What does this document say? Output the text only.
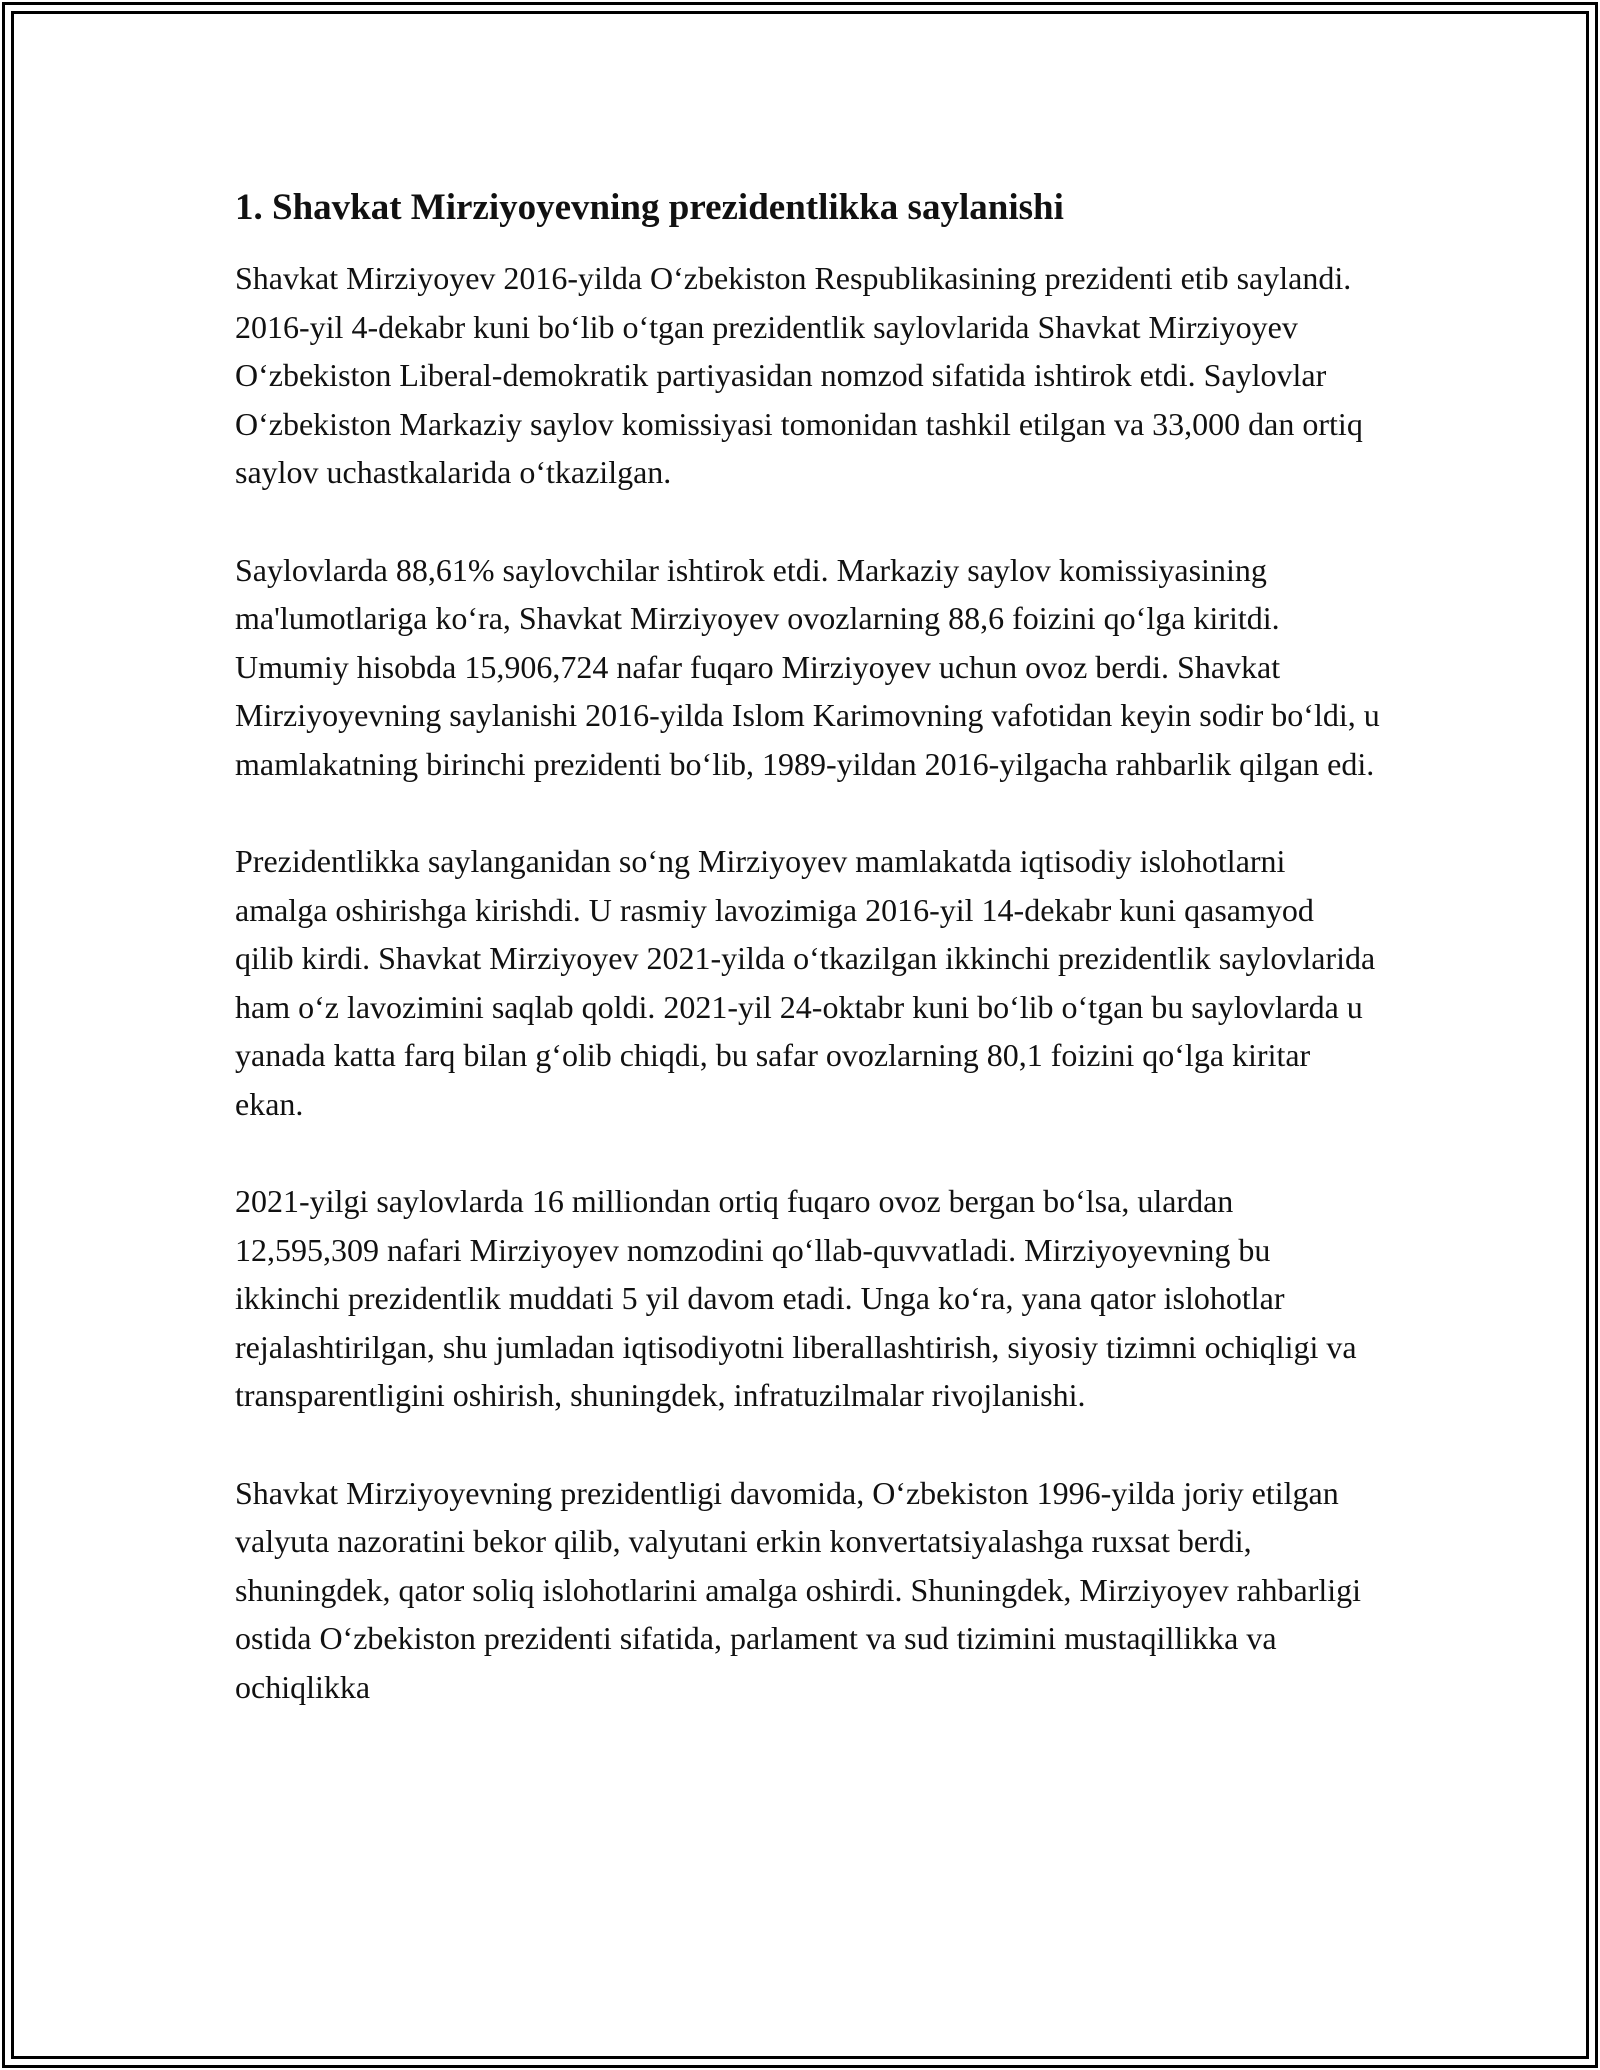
1. Shavkat Mirziyoyevning prezidentlikka saylanishi

Shavkat Mirziyoyev 2016-yilda Oʻzbekiston Respublikasining prezidenti etib saylandi. 2016-yil 4-dekabr kuni boʻlib oʻtgan prezidentlik saylovlarida Shavkat Mirziyoyev Oʻzbekiston Liberal-demokratik partiyasidan nomzod sifatida ishtirok etdi. Saylovlar Oʻzbekiston Markaziy saylov komissiyasi tomonidan tashkil etilgan va 33,000 dan ortiq saylov uchastkalarida oʻtkazilgan.

Saylovlarda 88,61% saylovchilar ishtirok etdi. Markaziy saylov komissiyasining ma'lumotlariga koʻra, Shavkat Mirziyoyev ovozlarning 88,6 foizini qoʻlga kiritdi. Umumiy hisobda 15,906,724 nafar fuqaro Mirziyoyev uchun ovoz berdi. Shavkat Mirziyoyevning saylanishi 2016-yilda Islom Karimovning vafotidan keyin sodir boʻldi, u mamlakatning birinchi prezidenti boʻlib, 1989-yildan 2016-yilgacha rahbarlik qilgan edi.

Prezidentlikka saylanganidan soʻng Mirziyoyev mamlakatda iqtisodiy islohotlarni amalga oshirishga kirishdi. U rasmiy lavozimiga 2016-yil 14-dekabr kuni qasamyod qilib kirdi. Shavkat Mirziyoyev 2021-yilda oʻtkazilgan ikkinchi prezidentlik saylovlarida ham oʻz lavozimini saqlab qoldi. 2021-yil 24-oktabr kuni boʻlib oʻtgan bu saylovlarda u yanada katta farq bilan gʻolib chiqdi, bu safar ovozlarning 80,1 foizini qoʻlga kiritar ekan.

2021-yilgi saylovlarda 16 milliondan ortiq fuqaro ovoz bergan boʻlsa, ulardan 12,595,309 nafari Mirziyoyev nomzodini qoʻllab-quvvatladi. Mirziyoyevning bu ikkinchi prezidentlik muddati 5 yil davom etadi. Unga koʻra, yana qator islohotlar rejalashtirilgan, shu jumladan iqtisodiyotni liberallashtirish, siyosiy tizimni ochiqligi va transparentligini oshirish, shuningdek, infratuzilmalar rivojlanishi.

Shavkat Mirziyoyevning prezidentligi davomida, Oʻzbekiston 1996-yilda joriy etilgan valyuta nazoratini bekor qilib, valyutani erkin konvertatsiyalashga ruxsat berdi, shuningdek, qator soliq islohotlarini amalga oshirdi. Shuningdek, Mirziyoyev rahbarligi ostida Oʻzbekiston prezidenti sifatida, parlament va sud tizimini mustaqillikka va ochiqlikka
